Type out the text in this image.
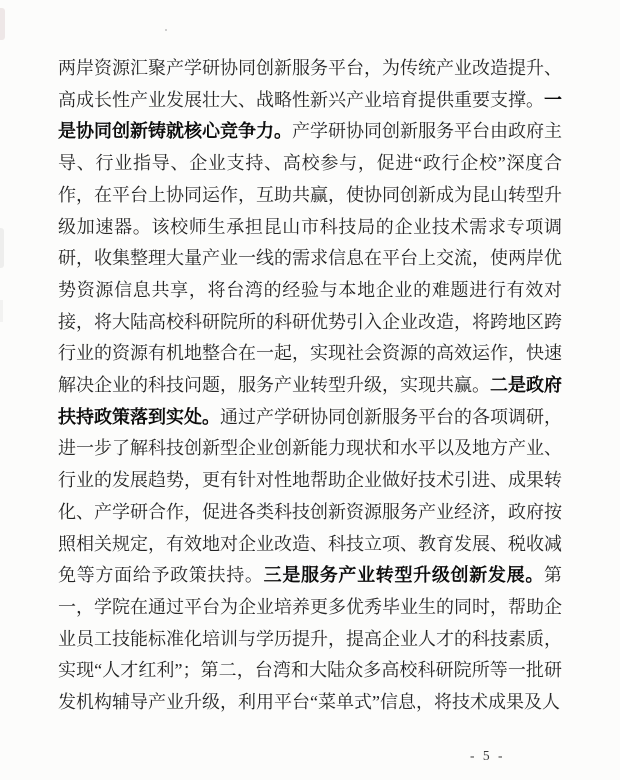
两岸资源汇聚产学研协同创新服务平台，为传统产业改造提升、高成长性产业发展壮大、战略性新兴产业培育提供重要支撑。一是协同创新铸就核心竞争力。产学研协同创新服务平台由政府主导、行业指导、企业支持、高校参与，促进“政行企校”深度合作，在平台上协同运作，互助共赢，使协同创新成为昆山转型升级加速器。该校师生承担昆山市科技局的企业技术需求专项调研，收集整理大量产业一线的需求信息在平台上交流，使两岸优势资源信息共享，将台湾的经验与本地企业的难题进行有效对接，将大陆高校科研院所的科研优势引入企业改造，将跨地区跨行业的资源有机地整合在一起，实现社会资源的高效运作，快速解决企业的科技问题，服务产业转型升级，实现共赢。二是政府扶持政策落到实处。通过产学研协同创新服务平台的各项调研，进一步了解科技创新型企业创新能力现状和水平以及地方产业、行业的发展趋势，更有针对性地帮助企业做好技术引进、成果转化、产学研合作，促进各类科技创新资源服务产业经济，政府按照相关规定，有效地对企业改造、科技立项、教育发展、税收减免等方面给予政策扶持。三是服务产业转型升级创新发展。第一，学院在通过平台为企业培养更多优秀毕业生的同时，帮助企业员工技能标准化培训与学历提升，提高企业人才的科技素质，实现“人才红利”；第二，台湾和大陆众多高校科研院所等一批研发机构辅导产业升级，利用平台“菜单式”信息，将技术成果及人

- 5 -
